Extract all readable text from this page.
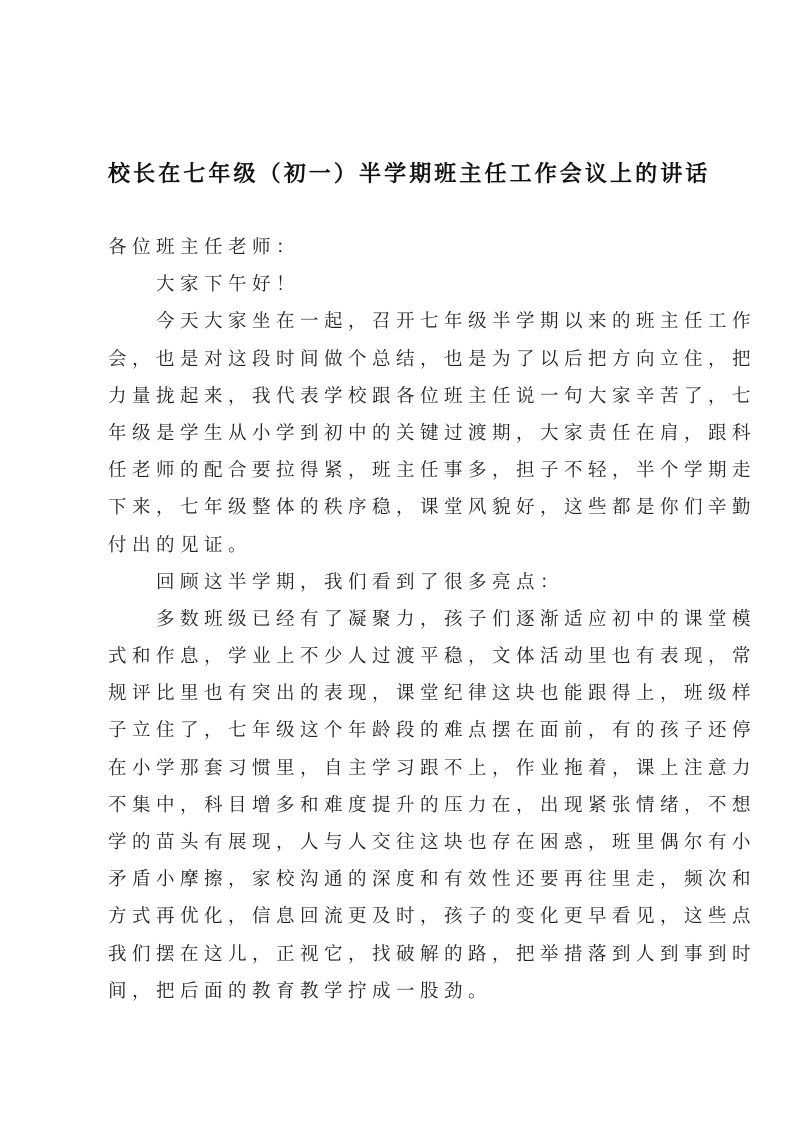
校长在七年级（初一）半学期班主任工作会议上的讲话
各位班主任老师：
大家下午好！
今天大家坐在一起，召开七年级半学期以来的班主任工作
会，也是对这段时间做个总结，也是为了以后把方向立住，把
力量拢起来，我代表学校跟各位班主任说一句大家辛苦了，七
年级是学生从小学到初中的关键过渡期，大家责任在肩，跟科
任老师的配合要拉得紧，班主任事多，担子不轻，半个学期走
下来，七年级整体的秩序稳，课堂风貌好，这些都是你们辛勤
付出的见证。
回顾这半学期，我们看到了很多亮点：
多数班级已经有了凝聚力，孩子们逐渐适应初中的课堂模
式和作息，学业上不少人过渡平稳，文体活动里也有表现，常
规评比里也有突出的表现，课堂纪律这块也能跟得上，班级样
子立住了，七年级这个年龄段的难点摆在面前，有的孩子还停
在小学那套习惯里，自主学习跟不上，作业拖着，课上注意力
不集中，科目增多和难度提升的压力在，出现紧张情绪，不想
学的苗头有展现，人与人交往这块也存在困惑，班里偶尔有小
矛盾小摩擦，家校沟通的深度和有效性还要再往里走，频次和
方式再优化，信息回流更及时，孩子的变化更早看见，这些点
我们摆在这儿，正视它，找破解的路，把举措落到人到事到时
间，把后面的教育教学拧成一股劲。
